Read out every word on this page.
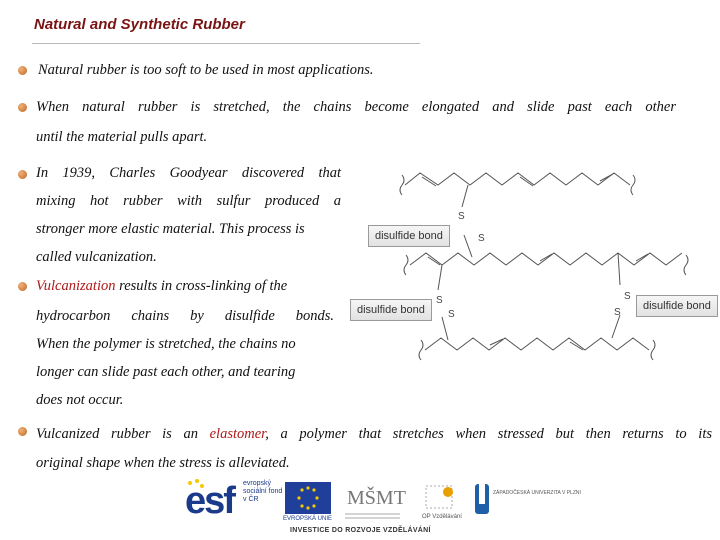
Natural and Synthetic Rubber
Natural rubber is too soft to be used in most applications.
When natural rubber is stretched, the chains become elongated and slide past each other
until the material pulls apart.
In 1939, Charles Goodyear discovered that
mixing hot rubber with sulfur produced a
stronger more elastic material. This process is
called vulcanization.
Vulcanization results in cross-linking of the
hydrocarbon chains by disulfide bonds.
When the polymer is stretched, the chains no
longer can slide past each other, and tearing
does not occur.
Vulcanized rubber is an elastomer, a polymer that stretches when stressed but then returns to its
original shape when the stress is alleviated.
S
S
S
S
S
S
disulfide bond
disulfide bond	disulfide bond
esf evropský sociální fond v ČR
EVROPSKÁ UNIE
MŠMT
OP Vzdělávání
ZÁPADOČESKÁ UNIVERZITA V PLZNI
INVESTICE DO ROZVOJE VZDĚLÁVÁNÍ
